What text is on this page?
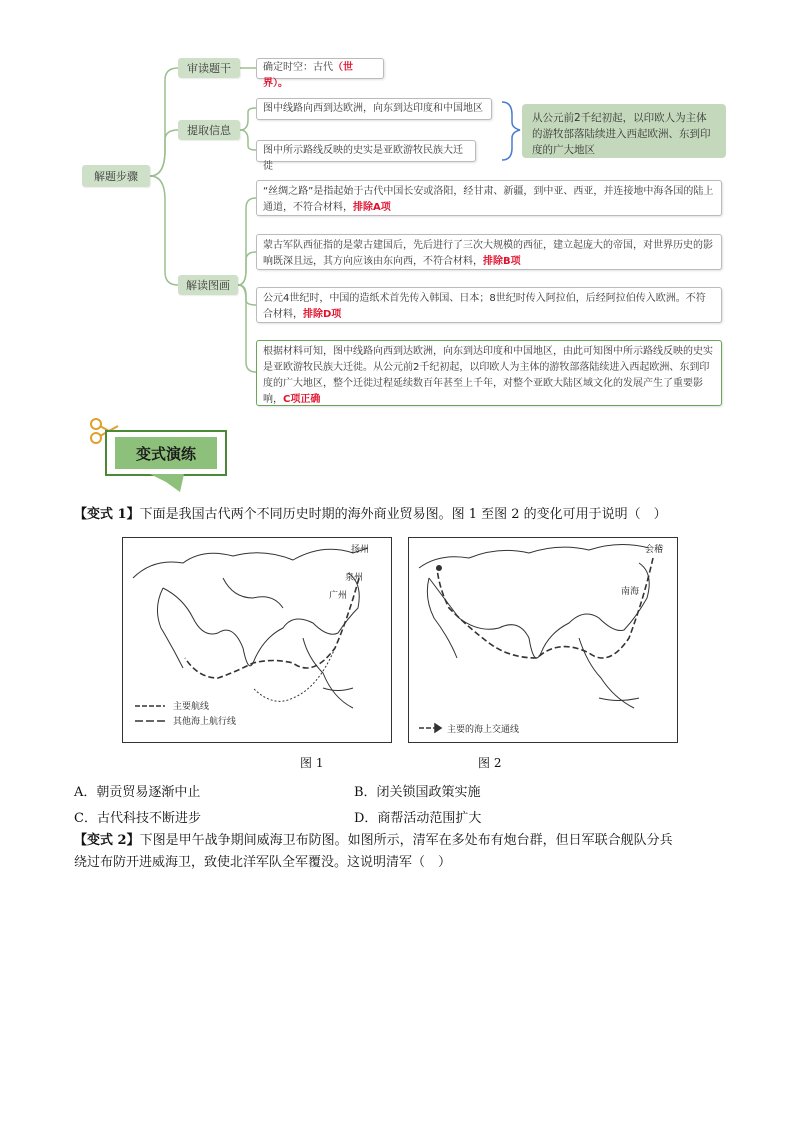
解题步骤
审读题干	确定时空：古代（世界）。
提取信息
图中线路向西到达欧洲，向东到达印度和中国地区
图中所示路线反映的史实是亚欧游牧民族大迁徙
从公元前2千纪初起，以印欧人为主体的游牧部落陆续进入西起欧洲、东到印度的广大地区
解读图画
“丝绸之路”是指起始于古代中国长安或洛阳，经甘肃、新疆，到中亚、西亚，并连接地中海各国的陆上通道，不符合材料，排除A项
蒙古军队西征指的是蒙古建国后，先后进行了三次大规模的西征，建立起庞大的帝国，对世界历史的影响既深且远，其方向应该由东向西，不符合材料，排除B项
公元4世纪时，中国的造纸术首先传入韩国、日本；8世纪时传入阿拉伯，后经阿拉伯传入欧洲。不符合材料，排除D项
根据材料可知，图中线路向西到达欧洲，向东到达印度和中国地区，由此可知图中所示路线反映的史实是亚欧游牧民族大迁徙。从公元前2千纪初起，以印欧人为主体的游牧部落陆续进入西起欧洲、东到印度的广大地区，整个迁徙过程延续数百年甚至上千年，对整个亚欧大陆区域文化的发展产生了重要影响，C项正确
变式演练
【变式 1】下面是我国古代两个不同历史时期的海外商业贸易图。图 1 至图 2 的变化可用于说明（　）
扬州
泉州
广州
主要航线
其他海上航行线
会稽
南海
主要的海上交通线
图 1	图 2
A．朝贡贸易逐渐中止	B．闭关锁国政策实施
C．古代科技不断进步	D．商帮活动范围扩大
【变式 2】下图是甲午战争期间威海卫布防图。如图所示，清军在多处布有炮台群，但日军联合舰队分兵
绕过布防开进威海卫，致使北洋军队全军覆没。这说明清军（　）
